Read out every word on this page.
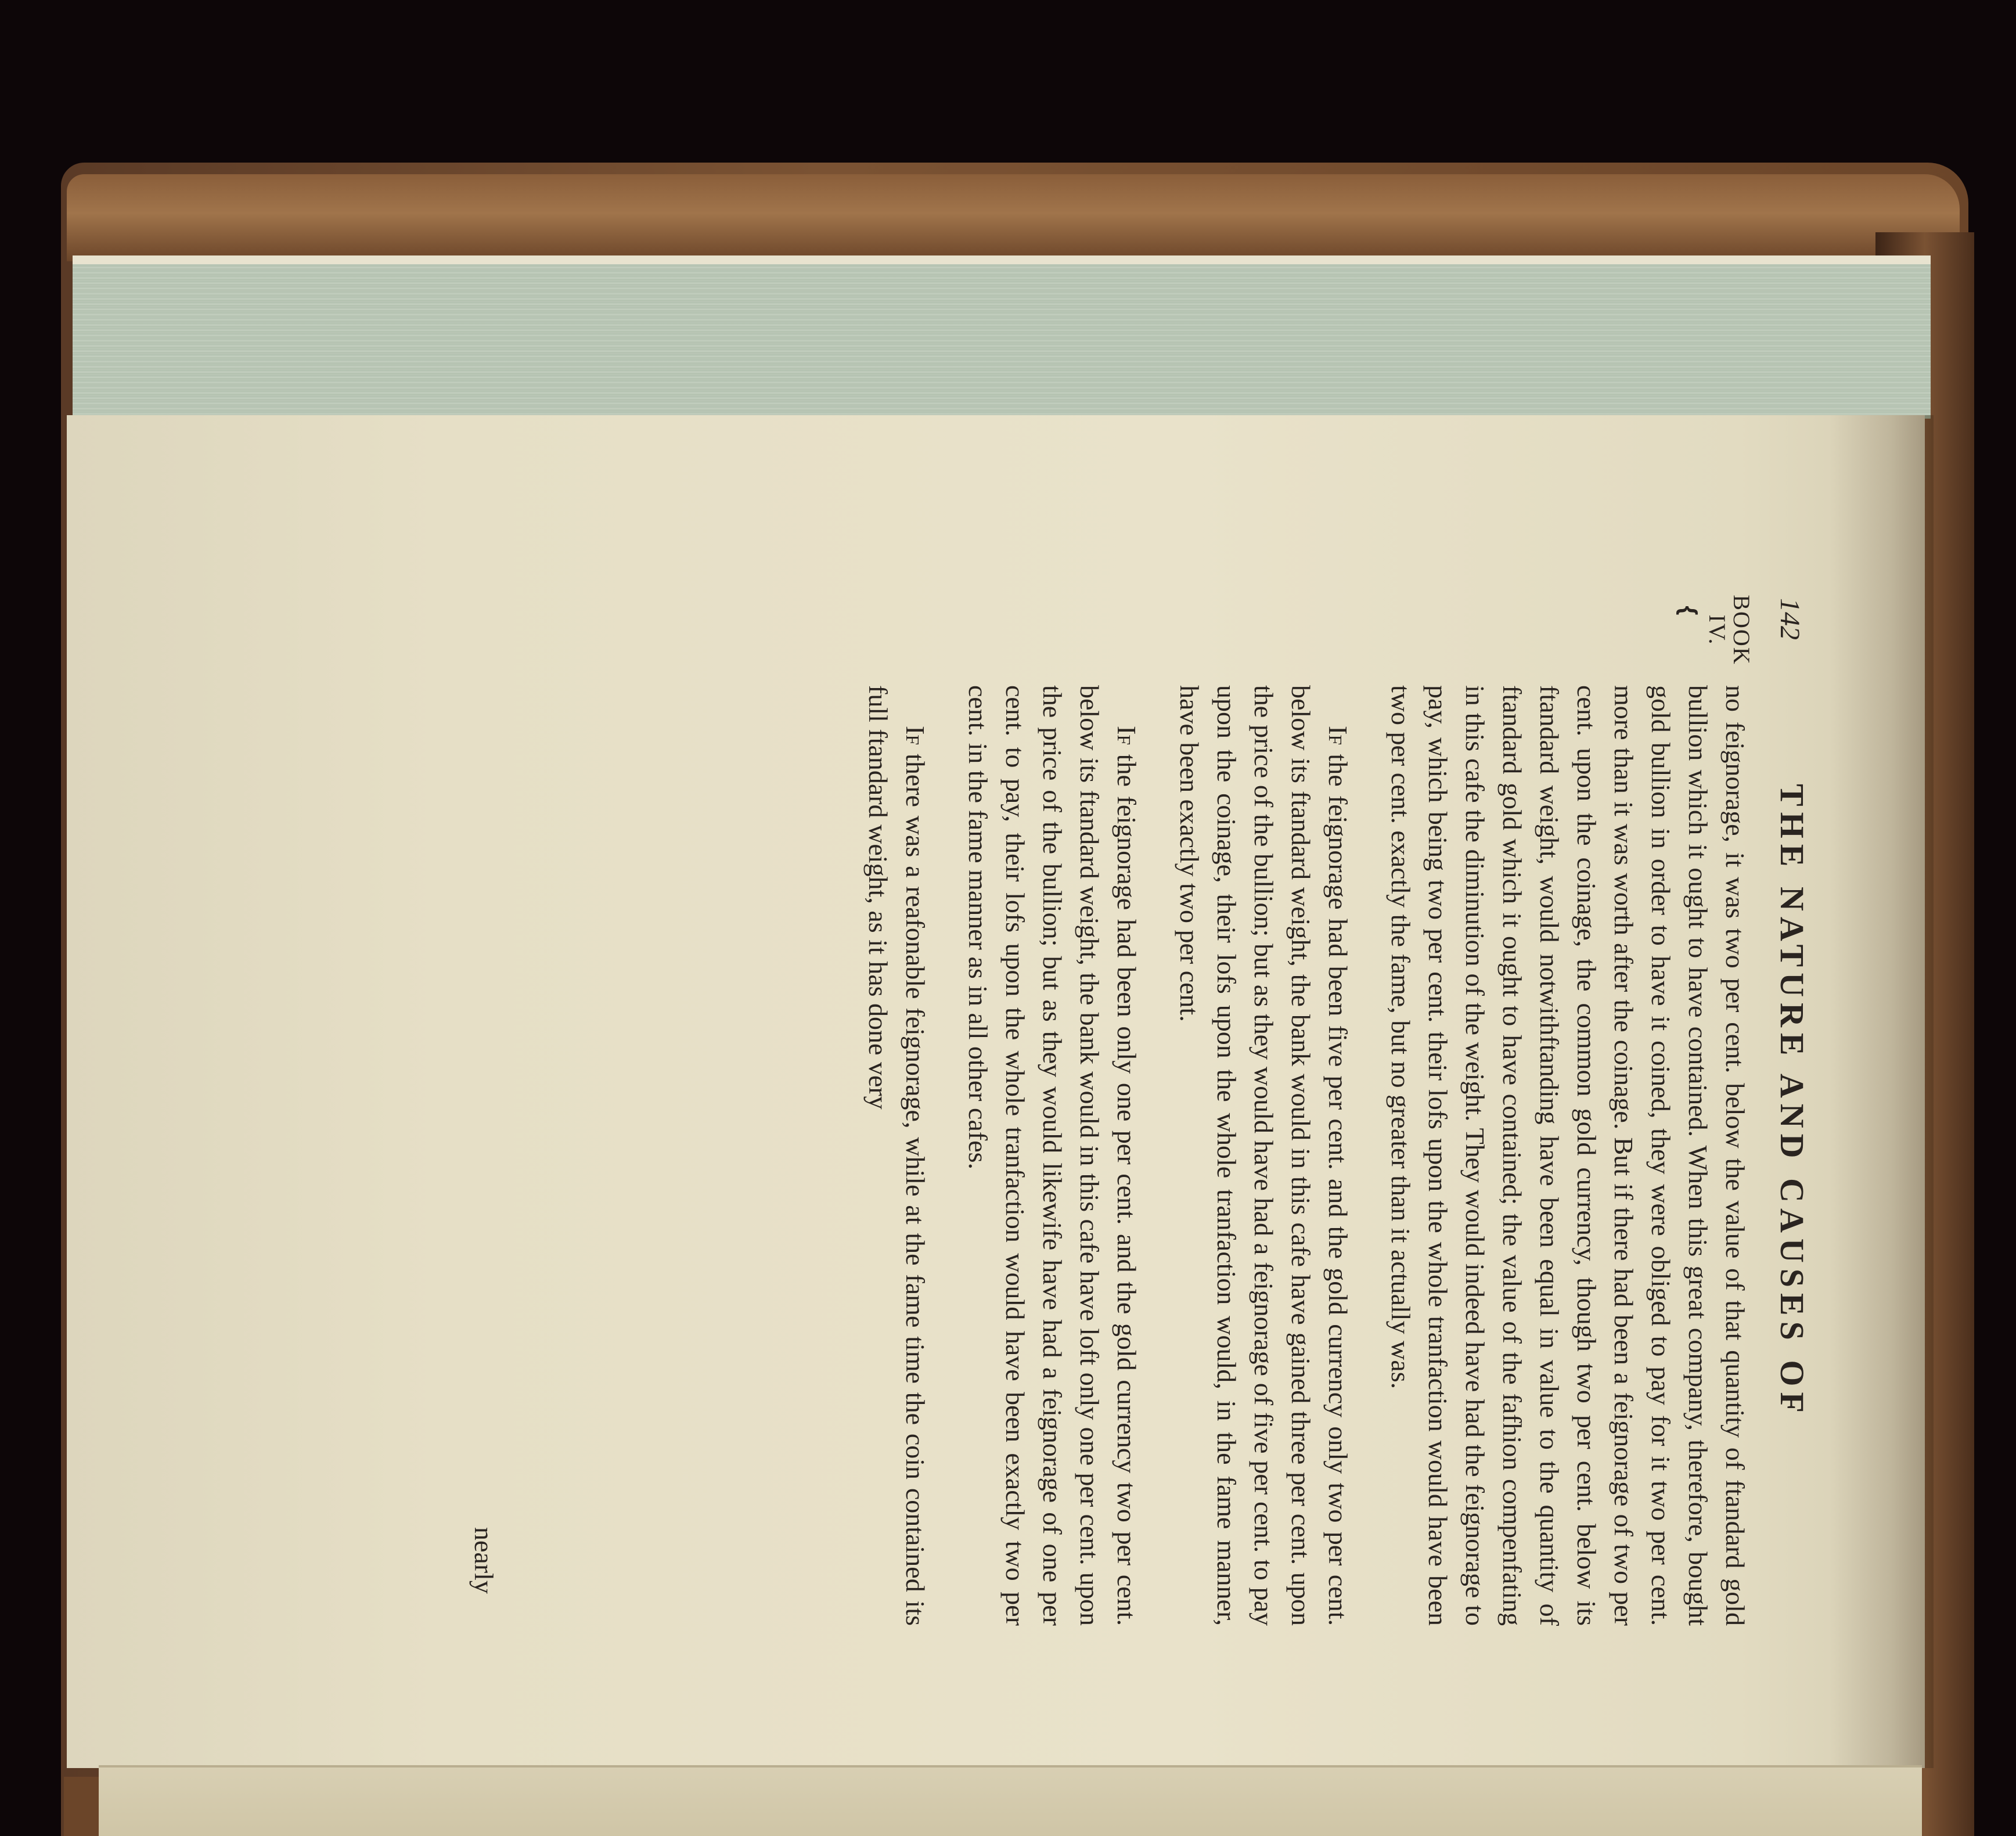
142
THE NATURE AND CAUSES OF
BOOK
IV.
⏟

no feignorage, it was two per cent. below the value of that quantity of ftandard gold bullion which it ought to have contained. When this great company, therefore, bought gold bullion in order to have it coined, they were obliged to pay for it two per cent. more than it was worth after the coinage. But if there had been a feignorage of two per cent. upon the coinage, the common gold currency, though two per cent. below its ftandard weight, would notwithftanding have been equal in value to the quantity of ftandard gold which it ought to have contained; the value of the fafhion compenfating in this cafe the diminution of the weight. They would indeed have had the feignorage to pay, which being two per cent. their lofs upon the whole tranfaction would have been two per cent. exactly the fame, but no greater than it actually was.

If the feignorage had been five per cent. and the gold currency only two per cent. below its ftandard weight, the bank would in this cafe have gained three per cent. upon the price of the bullion; but as they would have had a feignorage of five per cent. to pay upon the coinage, their lofs upon the whole tranfaction would, in the fame manner, have been exactly two per cent.

If the feignorage had been only one per cent. and the gold currency two per cent. below its ftandard weight, the bank would in this cafe have loft only one per cent. upon the price of the bullion; but as they would likewife have had a feignorage of one per cent. to pay, their lofs upon the whole tranfaction would have been exactly two per cent. in the fame manner as in all other cafes.

If there was a reafonable feignorage, while at the fame time the coin contained its full ftandard weight, as it has done very

nearly
